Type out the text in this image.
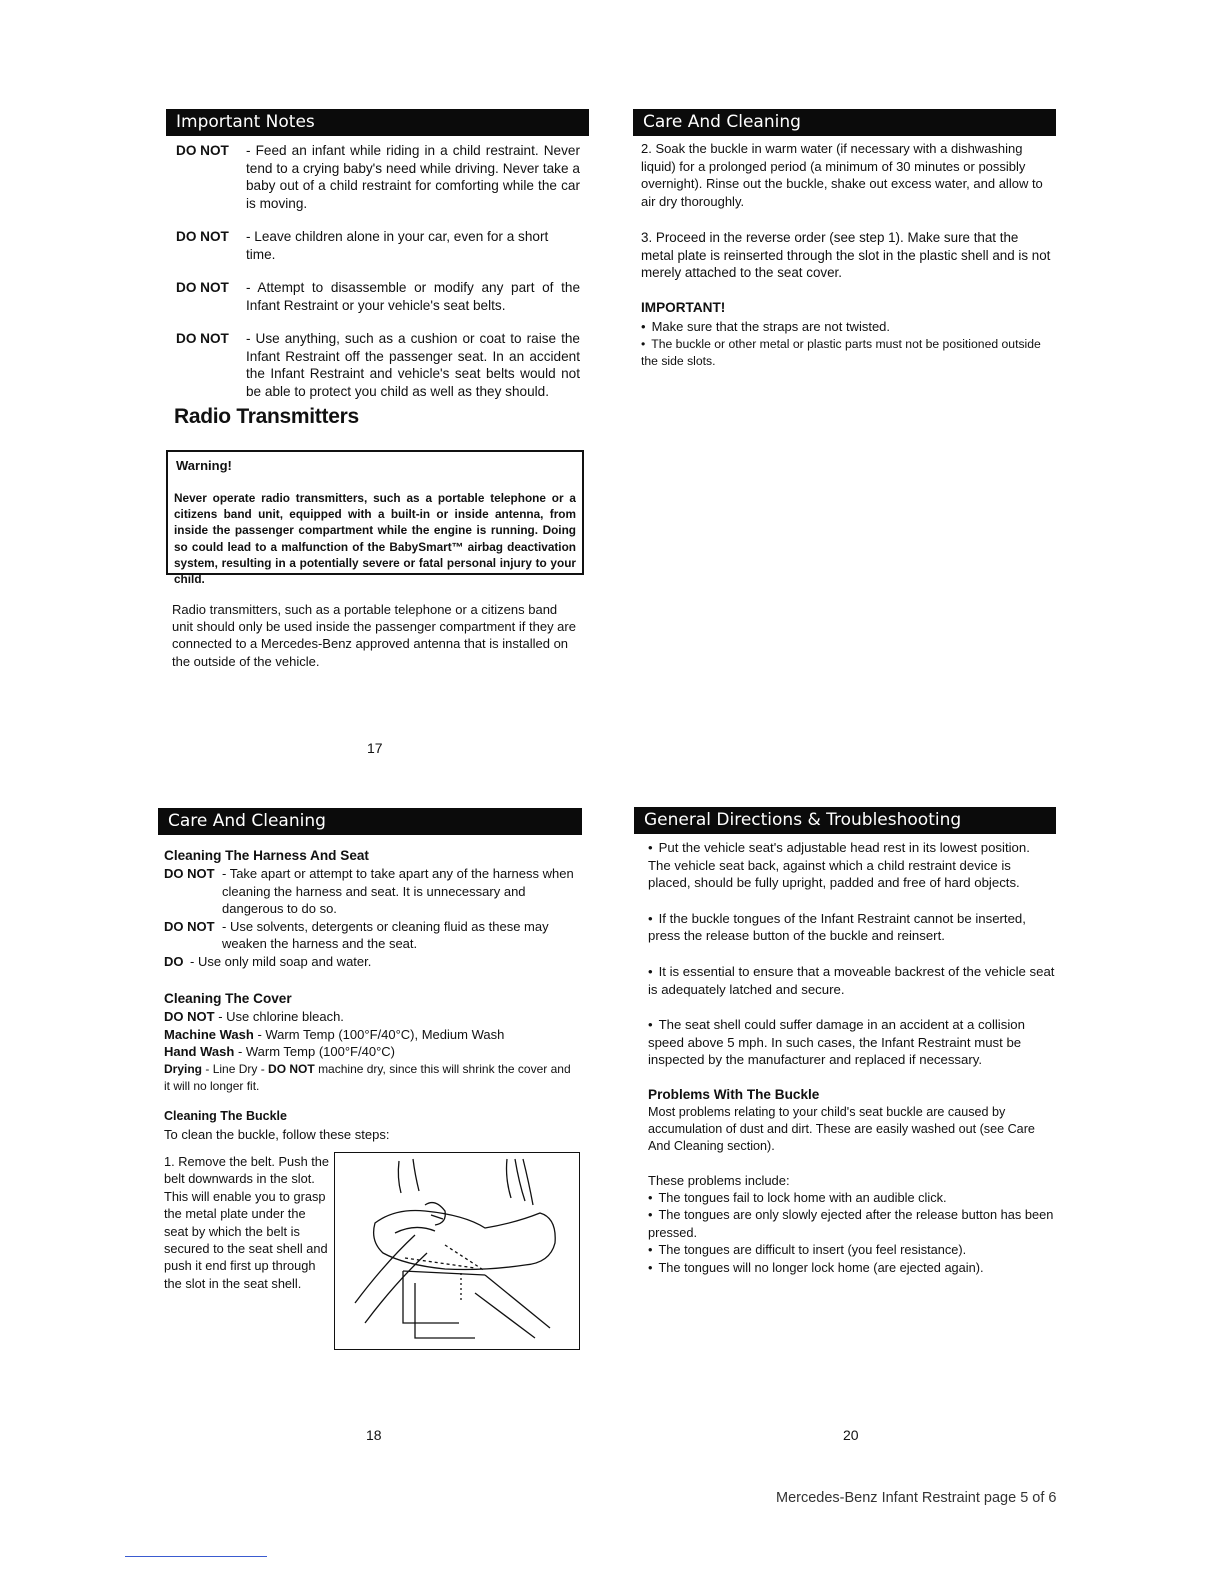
Important Notes
DO NOT	- Feed an infant while riding in a child restraint. Never tend to a crying baby's need while driving. Never take a baby out of a child restraint for comforting while the car is moving.
DO NOT	- Leave children alone in your car, even for a short time.
DO NOT	- Attempt to disassemble or modify any part of the Infant Restraint or your vehicle's seat belts.
DO NOT	- Use anything, such as a cushion or coat to raise the Infant Restraint off the passenger seat. In an accident the Infant Restraint and vehicle's seat belts would not be able to protect you child as well as they should.
Radio Transmitters
Warning!
Never operate radio transmitters, such as a portable telephone or a citizens band unit, equipped with a built-in or inside antenna, from inside the passenger compartment while the engine is running. Doing so could lead to a malfunction of the BabySmart™ airbag deactivation system, resulting in a potentially severe or fatal personal injury to your child.
Radio transmitters, such as a portable telephone or a citizens band unit should only be used inside the passenger compartment if they are connected to a Mercedes-Benz approved antenna that is installed on the outside of the vehicle.
17
Care And Cleaning
2. Soak the buckle in warm water (if necessary with a dishwashing liquid) for a prolonged period (a minimum of 30 minutes or possibly overnight). Rinse out the buckle, shake out excess water, and allow to air dry thoroughly.
3. Proceed in the reverse order (see step 1). Make sure that the metal plate is reinserted through the slot in the plastic shell and is not merely attached to the seat cover.
IMPORTANT!
• Make sure that the straps are not twisted.
• The buckle or other metal or plastic parts must not be positioned outside the side slots.
Care And Cleaning
Cleaning The Harness And Seat
DO NOT - Take apart or attempt to take apart any of the harness when cleaning the harness and seat. It is unnecessary and dangerous to do so.
DO NOT - Use solvents, detergents or cleaning fluid as these may weaken the harness and the seat.
DO - Use only mild soap and water.
Cleaning The Cover
DO NOT - Use chlorine bleach.
Machine Wash - Warm Temp (100°F/40°C), Medium Wash
Hand Wash - Warm Temp (100°F/40°C)
Drying - Line Dry - DO NOT machine dry, since this will shrink the cover and it will no longer fit.
Cleaning The Buckle
To clean the buckle, follow these steps:
1. Remove the belt. Push the belt downwards in the slot. This will enable you to grasp the metal plate under the seat by which the belt is secured to the seat shell and push it end first up through the slot in the seat shell.
18
General Directions & Troubleshooting

• Put the vehicle seat's adjustable head rest in its lowest position. The vehicle seat back, against which a child restraint device is placed, should be fully upright, padded and free of hard objects.

• If the buckle tongues of the Infant Restraint cannot be inserted, press the release button of the buckle and reinsert.

• It is essential to ensure that a moveable backrest of the vehicle seat is adequately latched and secure.

• The seat shell could suffer damage in an accident at a collision speed above 5 mph. In such cases, the Infant Restraint must be inspected by the manufacturer and replaced if necessary.

Problems With The Buckle
Most problems relating to your child's seat buckle are caused by accumulation of dust and dirt. These are easily washed out (see Care And Cleaning section).
These problems include:
• The tongues fail to lock home with an audible click.
• The tongues are only slowly ejected after the release button has been pressed.
• The tongues are difficult to insert (you feel resistance).
• The tongues will no longer lock home (are ejected again).
20
Mercedes-Benz Infant Restraint page 5 of 6
